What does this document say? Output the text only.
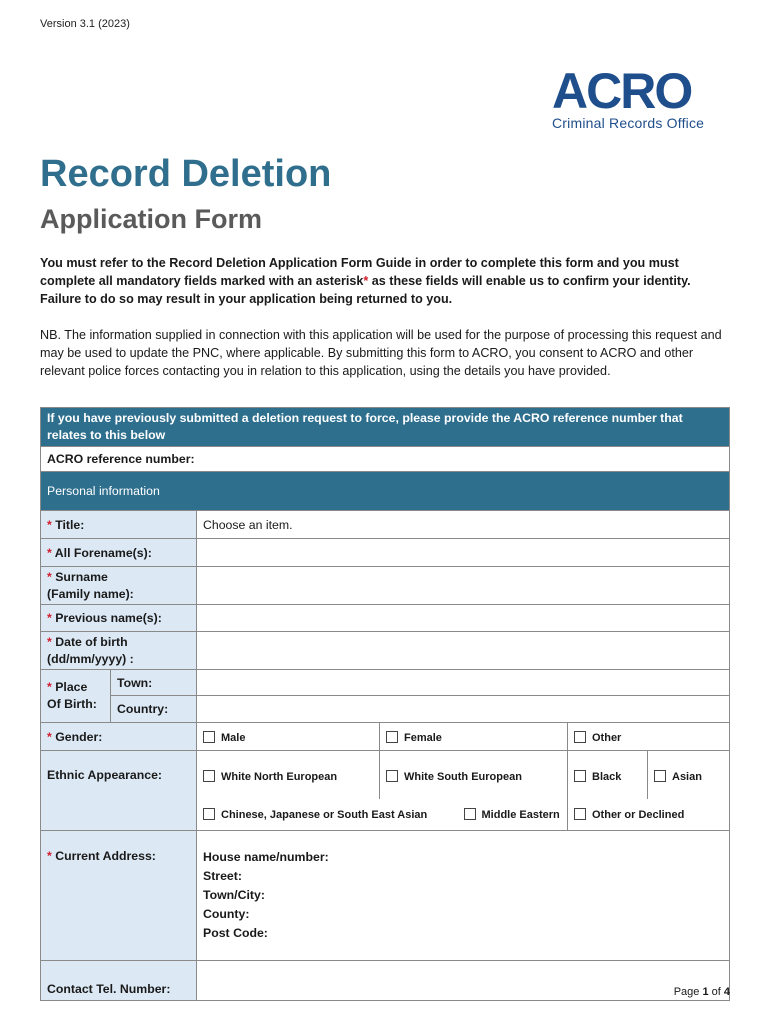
Version 3.1 (2023)
ACRO
Criminal Records Office
Record Deletion
Application Form
You must refer to the Record Deletion Application Form Guide in order to complete this form and you must complete all mandatory fields marked with an asterisk* as these fields will enable us to confirm your identity. Failure to do so may result in your application being returned to you.
NB. The information supplied in connection with this application will be used for the purpose of processing this request and may be used to update the PNC, where applicable. By submitting this form to ACRO, you consent to ACRO and other relevant police forces contacting you in relation to this application, using the details you have provided.
If you have previously submitted a deletion request to force, please provide the ACRO reference number that relates to this below						
ACRO reference number:						
Personal information						
* Title:		Choose an item.				
* All Forename(s):						
* Surname
(Family name):						
* Previous name(s):						
* Date of birth
(dd/mm/yyyy) :						
* Place
Of Birth:	Town:					
	Country:					
* Gender:		Male	Female		Other	
Ethnic Appearance:		White North European	White South European		Black	Asian
		Chinese, Japanese or South East Asian		Middle Eastern	Other or Declined	
* Current Address:		House name/number:
Street:
Town/City:
County:
Post Code:				

Contact Tel. Number:							Page 1 of 4
